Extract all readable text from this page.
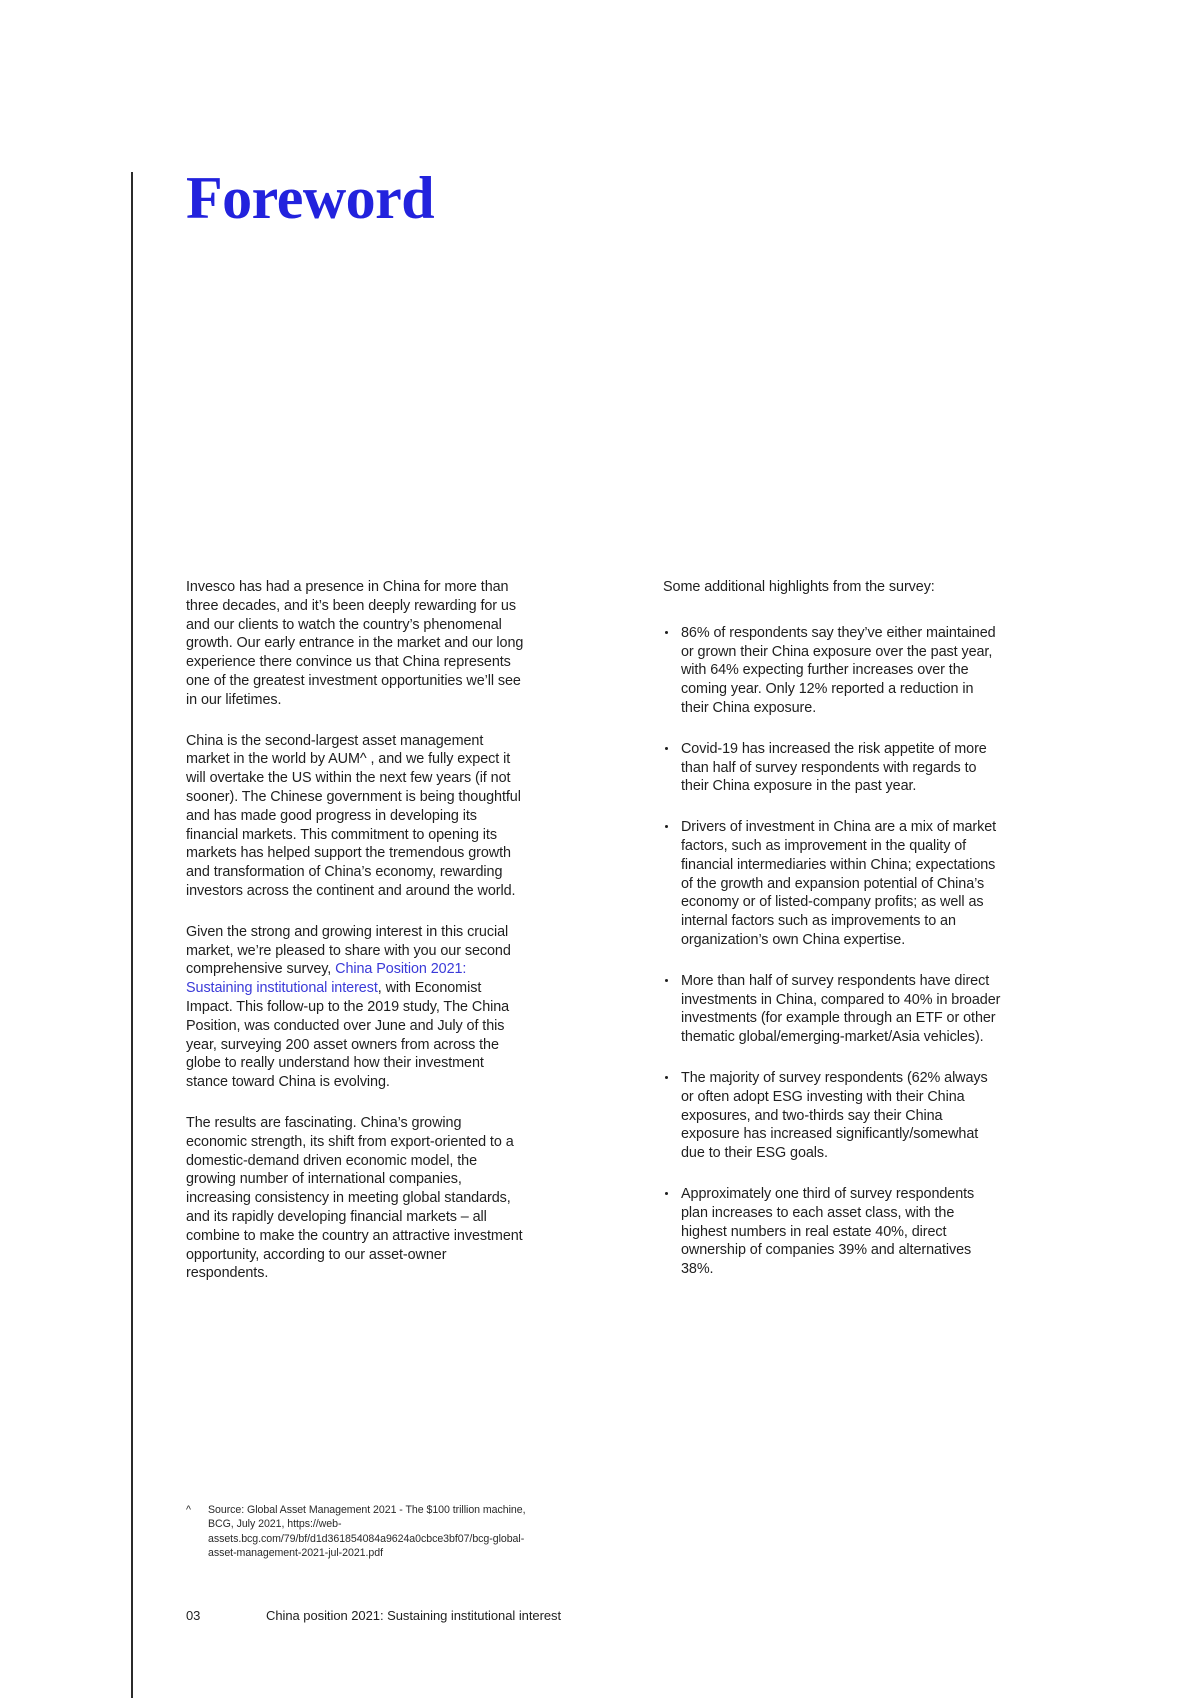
Foreword

Invesco has had a presence in China for more than three decades, and it’s been deeply rewarding for us and our clients to watch the country’s phenomenal growth. Our early entrance in the market and our long experience there convince us that China represents one of the greatest investment opportunities we’ll see in our lifetimes.

China is the second-largest asset management market in the world by AUM^ , and we fully expect it will overtake the US within the next few years (if not sooner). The Chinese government is being thoughtful and has made good progress in developing its financial markets. This commitment to opening its markets has helped support the tremendous growth and transformation of China’s economy, rewarding investors across the continent and around the world.

Given the strong and growing interest in this crucial market, we’re pleased to share with you our second comprehensive survey, China Position 2021: Sustaining institutional interest, with Economist Impact. This follow-up to the 2019 study, The China Position, was conducted over June and July of this year, surveying 200 asset owners from across the globe to really understand how their investment stance toward China is evolving.

The results are fascinating. China’s growing economic strength, its shift from export-oriented to a domestic-demand driven economic model, the growing number of international companies, increasing consistency in meeting global standards, and its rapidly developing financial markets – all combine to make the country an attractive investment opportunity, according to our asset-owner respondents.

Some additional highlights from the survey:

86% of respondents say they’ve either maintained or grown their China exposure over the past year, with 64% expecting further increases over the coming year. Only 12% reported a reduction in their China exposure.
Covid-19 has increased the risk appetite of more than half of survey respondents with regards to their China exposure in the past year.
Drivers of investment in China are a mix of market factors, such as improvement in the quality of financial intermediaries within China; expectations of the growth and expansion potential of China’s economy or of listed-company profits; as well as internal factors such as improvements to an organization’s own China expertise.
More than half of survey respondents have direct investments in China, compared to 40% in broader investments (for example through an ETF or other thematic global/emerging-market/Asia vehicles).
The majority of survey respondents (62% always or often adopt ESG investing with their China exposures, and two-thirds say their China exposure has increased significantly/somewhat due to their ESG goals.
Approximately one third of survey respondents plan increases to each asset class, with the highest numbers in real estate 40%, direct ownership of companies 39% and alternatives 38%.
^ Source: Global Asset Management 2021 - The $100 trillion machine, BCG, July 2021, https://web-assets.bcg.com/79/bf/d1d361854084a9624a0cbce3bf07/bcg-global-asset-management-2021-jul-2021.pdf
03	China position 2021: Sustaining institutional interest
